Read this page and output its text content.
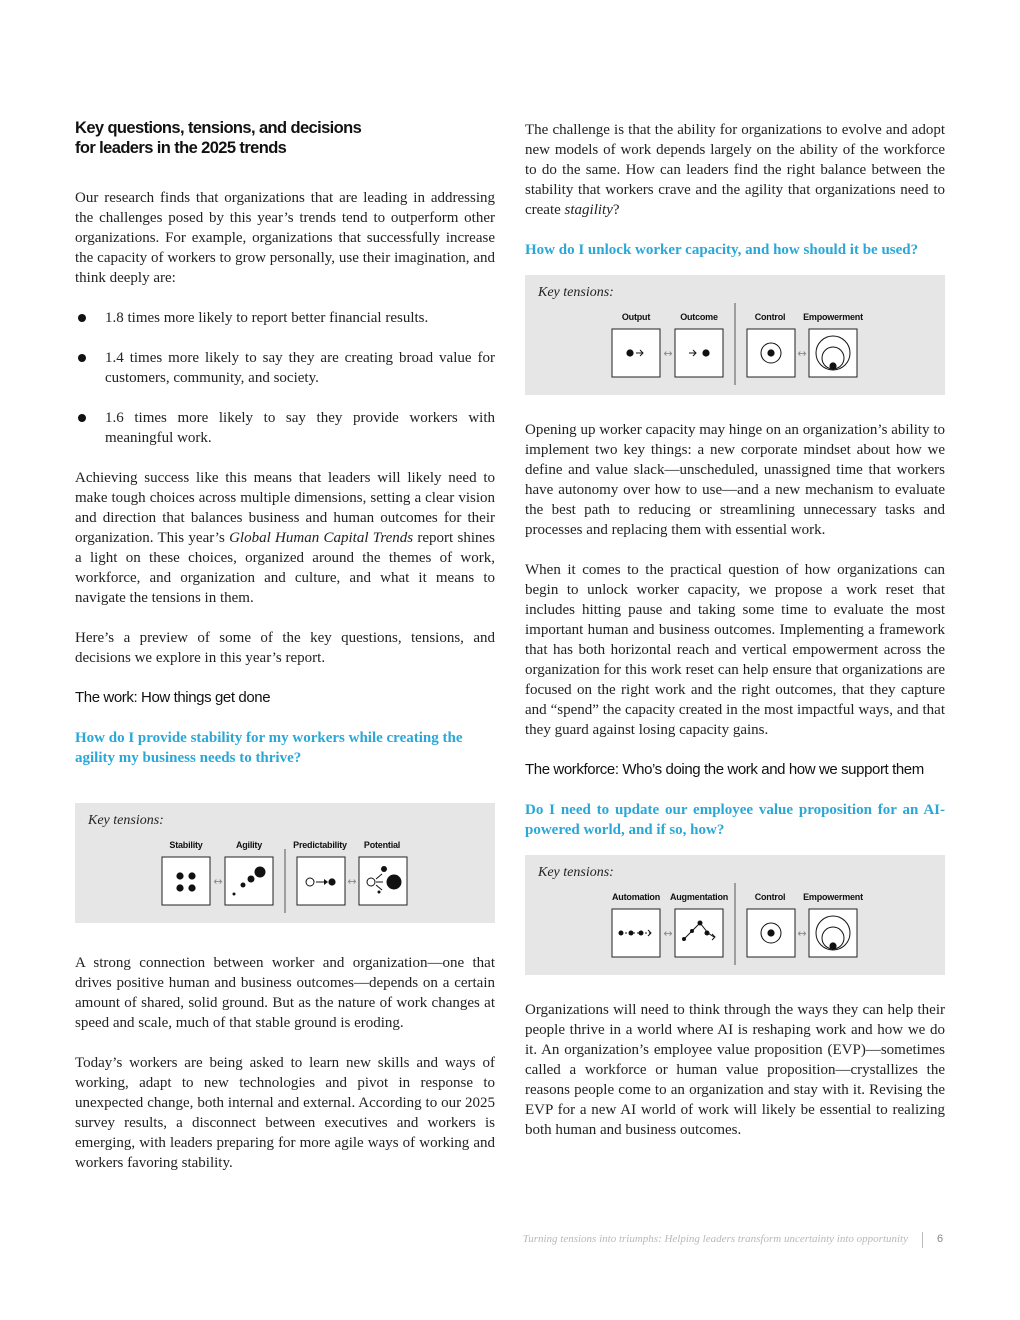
Key questions, tensions, and decisions
for leaders in the 2025 trends

Our research finds that organizations that are leading in addressing the challenges posed by this year’s trends tend to outperform other organizations. For example, organizations that successfully increase the capacity of workers to grow personally, use their imagination, and think deeply are:

1.8 times more likely to report better financial results.
1.4 times more likely to say they are creating broad value for customers, community, and society.
1.6 times more likely to say they provide workers with meaningful work.

Achieving success like this means that leaders will likely need to make tough choices across multiple dimensions, setting a clear vision and direction that balances business and human outcomes for their organization. This year’s Global Human Capital Trends report shines a light on these choices, organized around the themes of work, workforce, and organization and culture, and what it means to navigate the tensions in them.

Here’s a preview of some of the key questions, tensions, and decisions we explore in this year’s report.

The work: How things get done
How do I provide stability for my workers while creating the agility my business needs to thrive?
Key tensions:
Stability	Agility	Predictability Potential
↔	↔

A strong connection between worker and organization—one that drives positive human and business outcomes—depends on a certain amount of shared, solid ground. But as the nature of work changes at speed and scale, much of that stable ground is eroding.

Today’s workers are being asked to learn new skills and ways of working, adapt to new technologies and pivot in response to unexpected change, both internal and external. According to our 2025 survey results, a disconnect between executives and workers is emerging, with leaders preparing for more agile ways of working and workers favoring stability.

The challenge is that the ability for organizations to evolve and adopt new models of work depends largely on the ability of the workforce to do the same. How can leaders find the right balance between the stability that workers crave and the agility that organizations need to create stagility?

How do I unlock worker capacity, and how should it be used?
Key tensions:
Output	Outcome	Control Empowerment
↔	↔

Opening up worker capacity may hinge on an organization’s ability to implement two key things: a new corporate mindset about how we define and value slack—unscheduled, unassigned time that workers have autonomy over how to use—and a new mechanism to evaluate the best path to reducing or streamlining unnecessary tasks and processes and replacing them with essential work.

When it comes to the practical question of how organizations can begin to unlock worker capacity, we propose a work reset that includes hitting pause and taking some time to evaluate the most important human and business outcomes. Implementing a framework that has both horizontal reach and vertical empowerment across the organization for this work reset can help ensure that organizations are focused on the right work and the right outcomes, that they capture and “spend” the capacity created in the most impactful ways, and that they guard against losing capacity gains.

The workforce: Who’s doing the work and how we support them
Do I need to update our employee value proposition for an AI-powered world, and if so, how?
Key tensions:
Automation Augmentation	Control Empowerment
↔	↔

Organizations will need to think through the ways they can help their people thrive in a world where AI is reshaping work and how we do it. An organization’s employee value proposition (EVP)—sometimes called a workforce or human value proposition—crystallizes the reasons people come to an organization and stay with it. Revising the EVP for a new AI world of work will likely be essential to realizing both human and business outcomes.

Turning tensions into triumphs: Helping leaders transform uncertainty into opportunity	6
